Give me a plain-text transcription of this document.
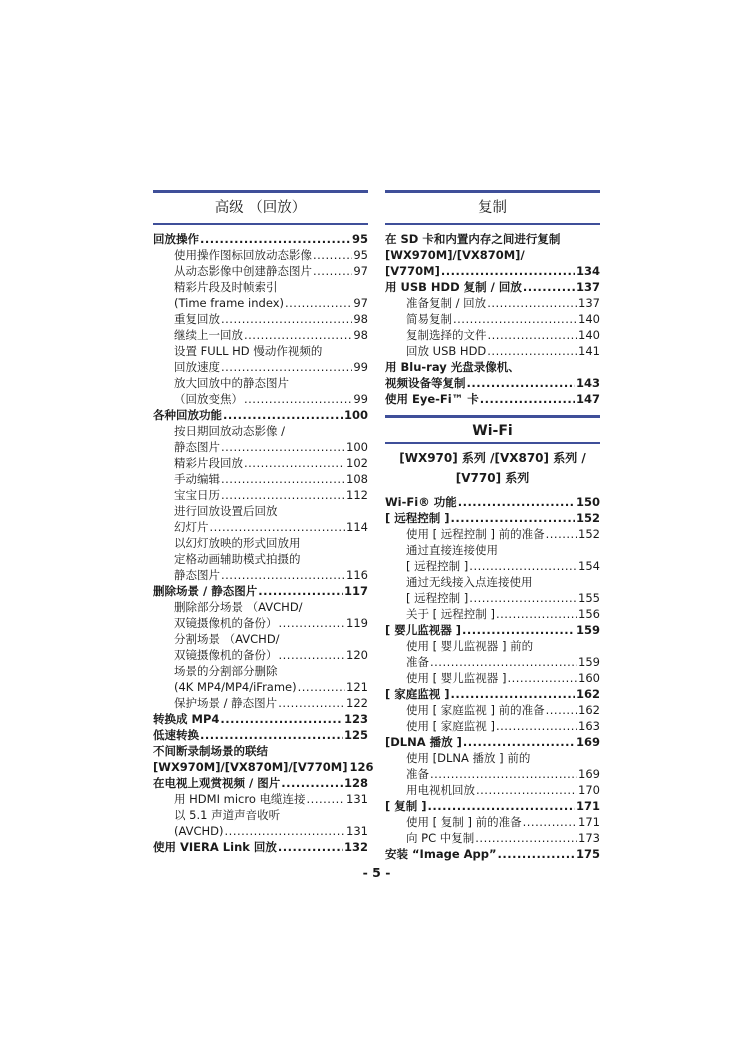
高级 （回放）
回放操作 .....	95
使用操作图标回放动态影像 .....	95
从动态影像中创建静态图片 .....	97
精彩片段及时帧索引
(Time frame index) .....	97
重复回放 .....	98
继续上一回放 .....	98
设置 FULL HD 慢动作视频的
回放速度 .....	99
放大回放中的静态图片
（回放变焦） .....	99
各种回放功能 .....	100
按日期回放动态影像 /
静态图片 .....	100
精彩片段回放 .....	102
手动编辑 .....	108
宝宝日历 .....	112
进行回放设置后回放
幻灯片 .....	114
以幻灯放映的形式回放用
定格动画辅助模式拍摄的
静态图片 .....	116
删除场景 / 静态图片 .....	117
删除部分场景 （AVCHD/
双镜摄像机的备份） .....	119
分割场景 （AVCHD/
双镜摄像机的备份） .....	120
场景的分割部分删除
(4K MP4/MP4/iFrame) .....	121
保护场景 / 静态图片 .....	122
转换成 MP4 .....	123
低速转换 .....	125
不间断录制场景的联结
[WX970M]/[VX870M]/[V770M] 126
在电视上观赏视频 / 图片 .....	128
用 HDMI micro 电缆连接 .....	131
以 5.1 声道声音收听
(AVCHD) .....	131
使用 VIERA Link 回放 .....	132
复制
在 SD 卡和内置内存之间进行复制
[WX970M]/[VX870M]/
[V770M] .....	134
用 USB HDD 复制 / 回放 .....	137
准备复制 / 回放 .....	137
简易复制 .....	140
复制选择的文件 .....	140
回放 USB HDD .....	141
用 Blu-ray 光盘录像机、
视频设备等复制 .....	143
使用 Eye-Fi™ 卡 .....	147
Wi-Fi
[WX970] 系列 /[VX870] 系列 /
[V770] 系列
Wi-Fi® 功能 .....	150
[ 远程控制 ] .....	152
使用 [ 远程控制 ] 前的准备 .....	152
通过直接连接使用
[ 远程控制 ] .....	154
通过无线接入点连接使用
[ 远程控制 ] .....	155
关于 [ 远程控制 ] .....	156
[ 婴儿监视器 ] .....	159
使用 [ 婴儿监视器 ] 前的
准备 .....	159
使用 [ 婴儿监视器 ] .....	160
[ 家庭监视 ] .....	162
使用 [ 家庭监视 ] 前的准备 .....	162
使用 [ 家庭监视 ] .....	163
[DLNA 播放 ] .....	169
使用 [DLNA 播放 ] 前的
准备 .....	169
用电视机回放 .....	170
[ 复制 ] .....	171
使用 [ 复制 ] 前的准备 .....	171
向 PC 中复制 .....	173
安装 “Image App” .....	175
- 5 -
